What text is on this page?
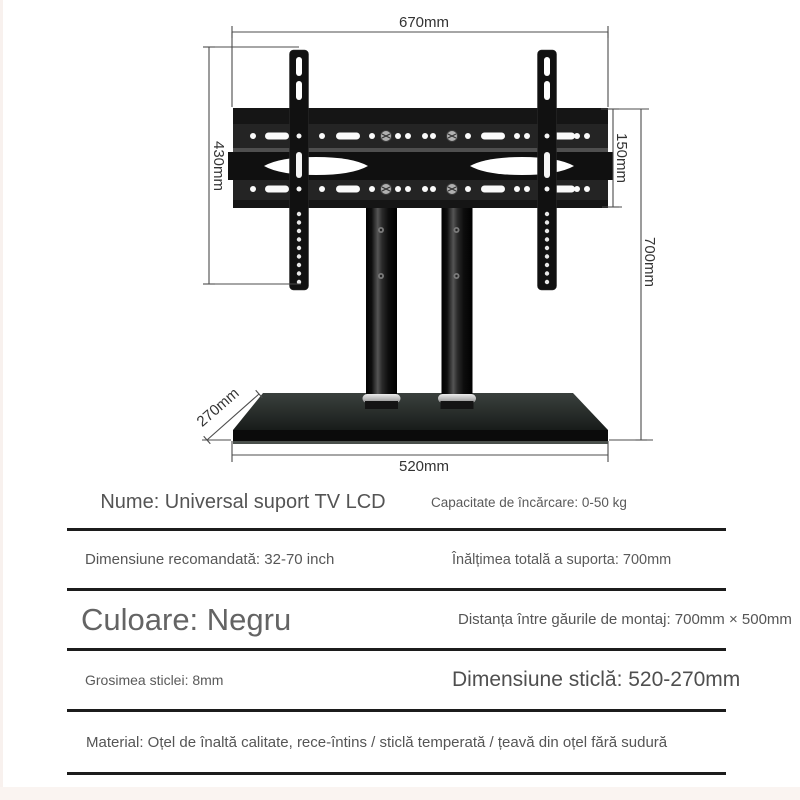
670mm
430mm	150mm
700mm
520mm
270mm
Nume: Universal suport TV LCD	Capacitate de încărcare: 0-50 kg
Dimensiune recomandată: 32-70 inch	Înălțimea totală a suporta: 700mm
Culoare: Negru	Distanța între găurile de montaj: 700mm × 500mm
Grosimea sticlei: 8mm	Dimensiune sticlă: 520-270mm
Material: Oțel de înaltă calitate, rece-întins / sticlă temperată / țeavă din oțel fără sudură
